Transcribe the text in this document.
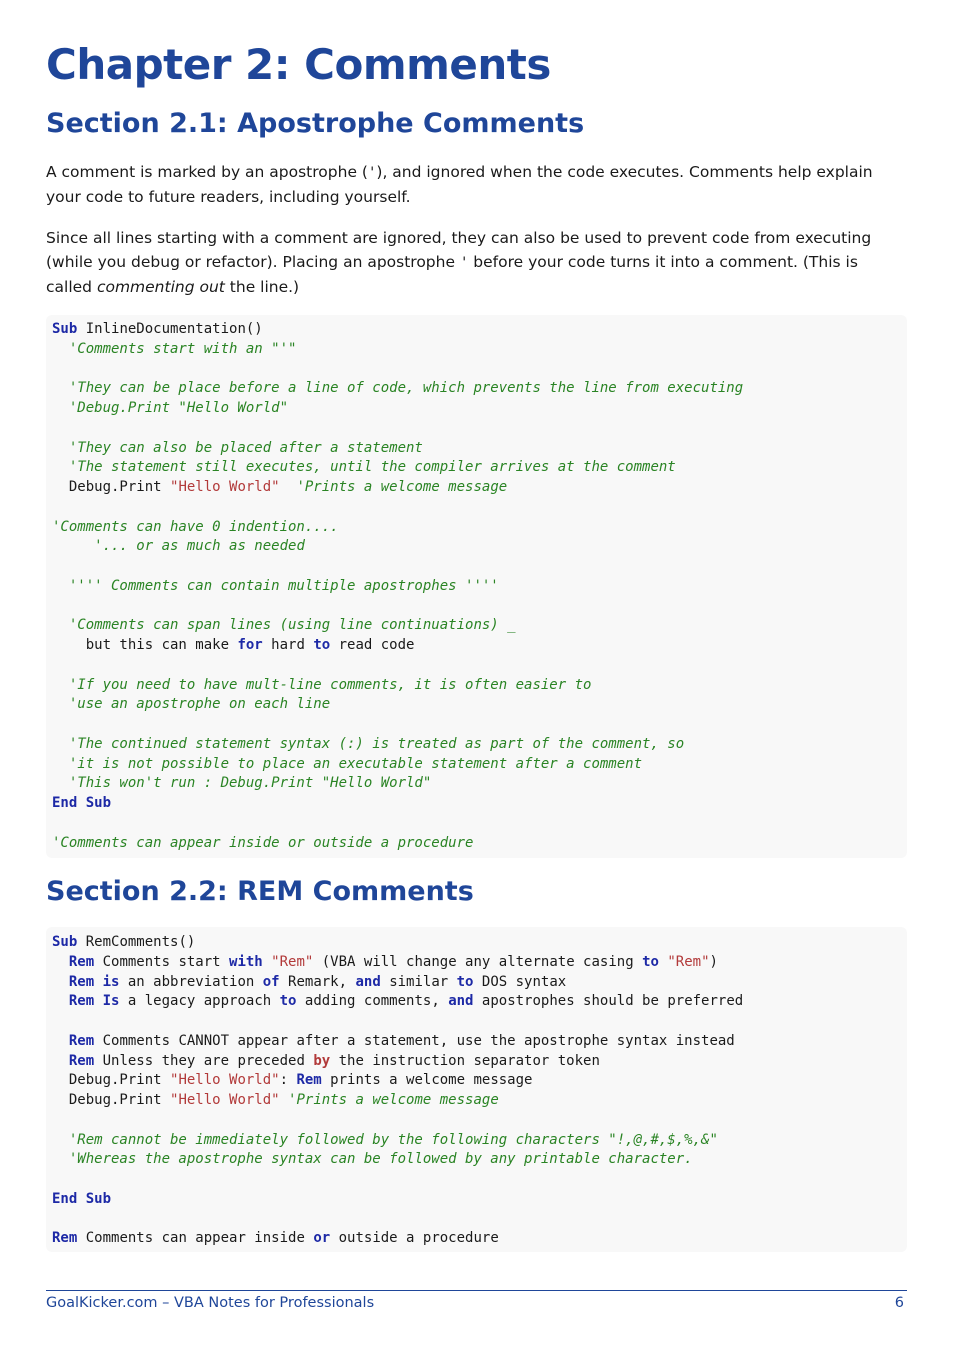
Chapter 2: Comments
Section 2.1: Apostrophe Comments

A comment is marked by an apostrophe ('), and ignored when the code executes. Comments help explain your code to future readers, including yourself.

Since all lines starting with a comment are ignored, they can also be used to prevent code from executing (while you debug or refactor). Placing an apostrophe ' before your code turns it into a comment. (This is called commenting out the line.)

Sub InlineDocumentation()
'Comments start with an "'"
'They can be place before a line of code, which prevents the line from executing
'Debug.Print "Hello World"
'They can also be placed after a statement
'The statement still executes, until the compiler arrives at the comment
Debug.Print "Hello World" 'Prints a welcome message
'Comments can have 0 indention....
'... or as much as needed
'''' Comments can contain multiple apostrophes ''''
'Comments can span lines (using line continuations) _
but this can make for hard to read code
'If you need to have mult-line comments, it is often easier to
'use an apostrophe on each line
'The continued statement syntax (:) is treated as part of the comment, so
'it is not possible to place an executable statement after a comment
'This won't run : Debug.Print "Hello World"
End Sub
'Comments can appear inside or outside a procedure
Section 2.2: REM Comments
Sub RemComments()
Rem Comments start with "Rem" (VBA will change any alternate casing to "Rem")
Rem is an abbreviation of Remark, and similar to DOS syntax
Rem Is a legacy approach to adding comments, and apostrophes should be preferred
Rem Comments CANNOT appear after a statement, use the apostrophe syntax instead
Rem Unless they are preceded by the instruction separator token
Debug.Print "Hello World": Rem prints a welcome message
Debug.Print "Hello World" 'Prints a welcome message
'Rem cannot be immediately followed by the following characters "!,@,#,$,%,&"
'Whereas the apostrophe syntax can be followed by any printable character.
End Sub
Rem Comments can appear inside or outside a procedure
GoalKicker.com – VBA Notes for Professionals	6
